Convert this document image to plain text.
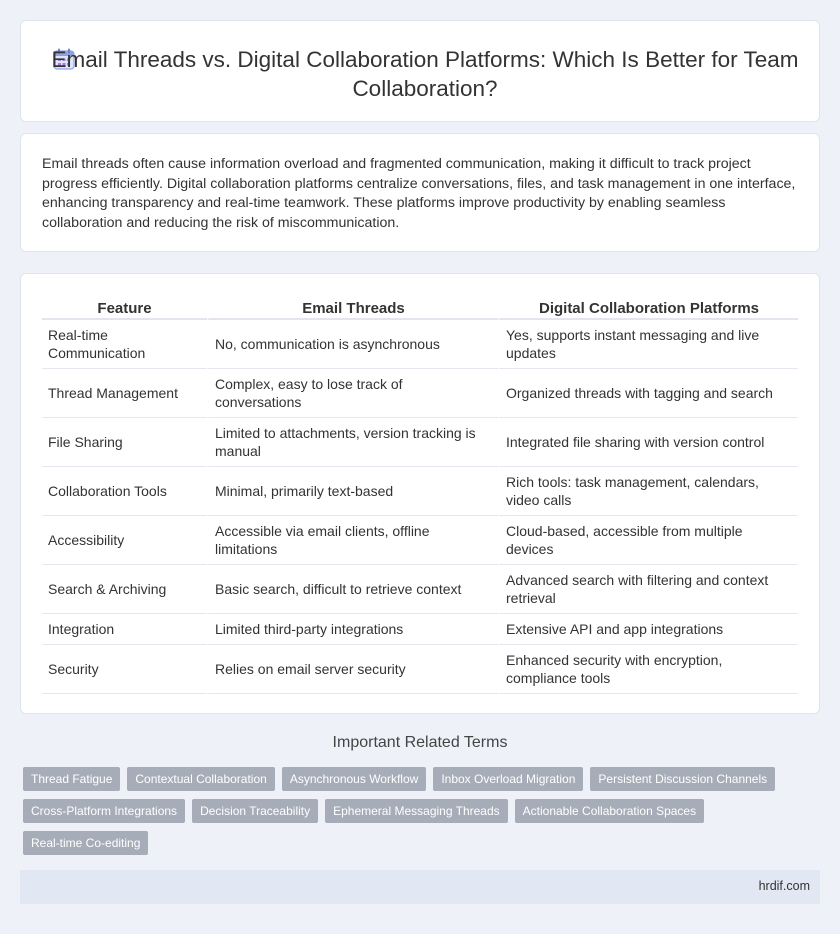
Email Threads vs. Digital Collaboration Platforms: Which Is Better for Team Collaboration?

Email threads often cause information overload and fragmented communication, making it difficult to track project progress efficiently. Digital collaboration platforms centralize conversations, files, and task management in one interface, enhancing transparency and real-time teamwork. These platforms improve productivity by enabling seamless collaboration and reducing the risk of miscommunication.

Feature	Email Threads	Digital Collaboration Platforms
Real-time Communication	No, communication is asynchronous	Yes, supports instant messaging and live updates
Thread Management	Complex, easy to lose track of conversations	Organized threads with tagging and search
File Sharing	Limited to attachments, version tracking is manual	Integrated file sharing with version control
Collaboration Tools	Minimal, primarily text-based	Rich tools: task management, calendars, video calls
Accessibility	Accessible via email clients, offline limitations	Cloud-based, accessible from multiple devices
Search & Archiving	Basic search, difficult to retrieve context	Advanced search with filtering and context retrieval
Integration	Limited third-party integrations	Extensive API and app integrations
Security	Relies on email server security	Enhanced security with encryption, compliance tools
Important Related Terms
Thread Fatigue	Contextual Collaboration	Asynchronous Workflow	Inbox Overload Migration	Persistent Discussion Channels
Cross-Platform Integrations	Decision Traceability	Ephemeral Messaging Threads	Actionable Collaboration Spaces
Real-time Co-editing
hrdif.com
